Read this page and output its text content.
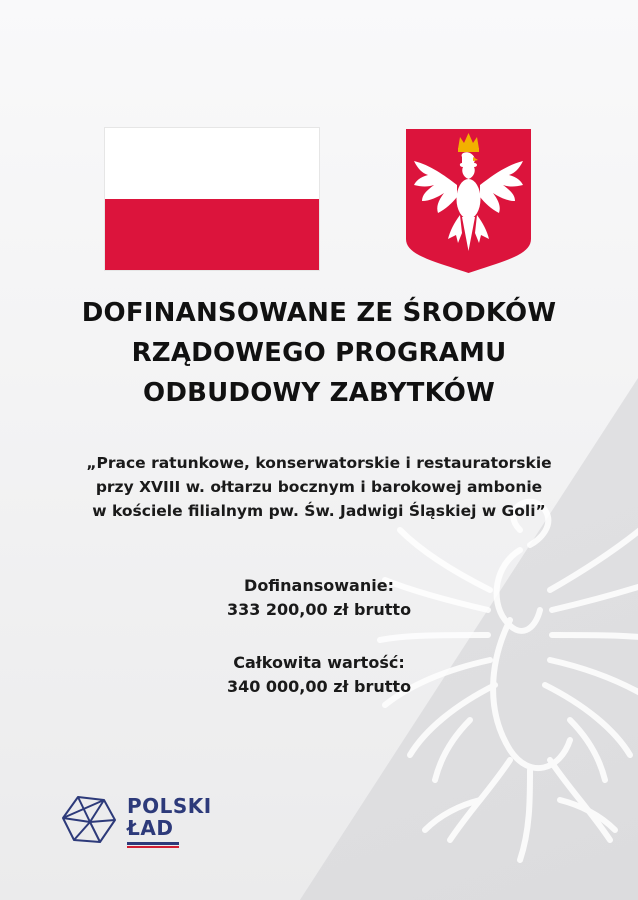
DOFINANSOWANE ZE ŚRODKÓW
RZĄDOWEGO PROGRAMU
ODBUDOWY ZABYTKÓW
„Prace ratunkowe, konserwatorskie i restauratorskie
przy XVIII w. ołtarzu bocznym i barokowej ambonie
w kościele filialnym pw. Św. Jadwigi Śląskiej w Goli”
Dofinansowanie:
333 200,00 zł brutto
Całkowita wartość:
340 000,00 zł brutto
POLSKI
ŁAD
